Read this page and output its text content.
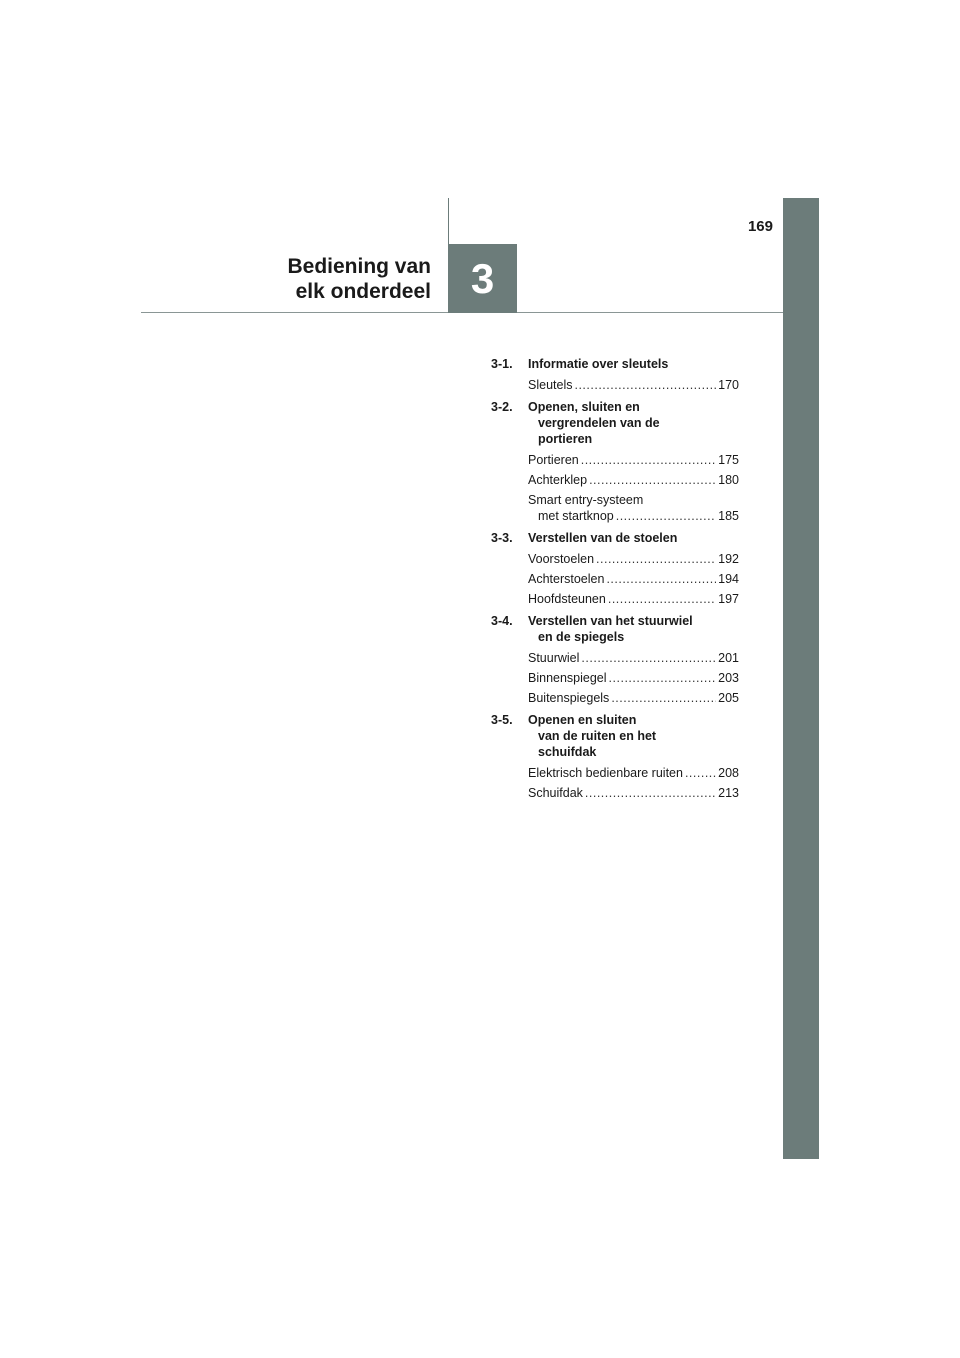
169
3
Bediening van
elk onderdeel
3-1.	Informatie over sleutels
Sleutels .....	170
3-2.	Openen, sluiten en
vergrendelen van de
portieren
Portieren .....	175
Achterklep .....	180
Smart entry-systeem
met startknop .....	185
3-3.	Verstellen van de stoelen
Voorstoelen .....	192
Achterstoelen .....	194
Hoofdsteunen .....	197
3-4.	Verstellen van het stuurwiel
en de spiegels
Stuurwiel .....	201
Binnenspiegel .....	203
Buitenspiegels .....	205
3-5.	Openen en sluiten
van de ruiten en het
schuifdak
Elektrisch bedienbare ruiten .....	208
Schuifdak .....	213
